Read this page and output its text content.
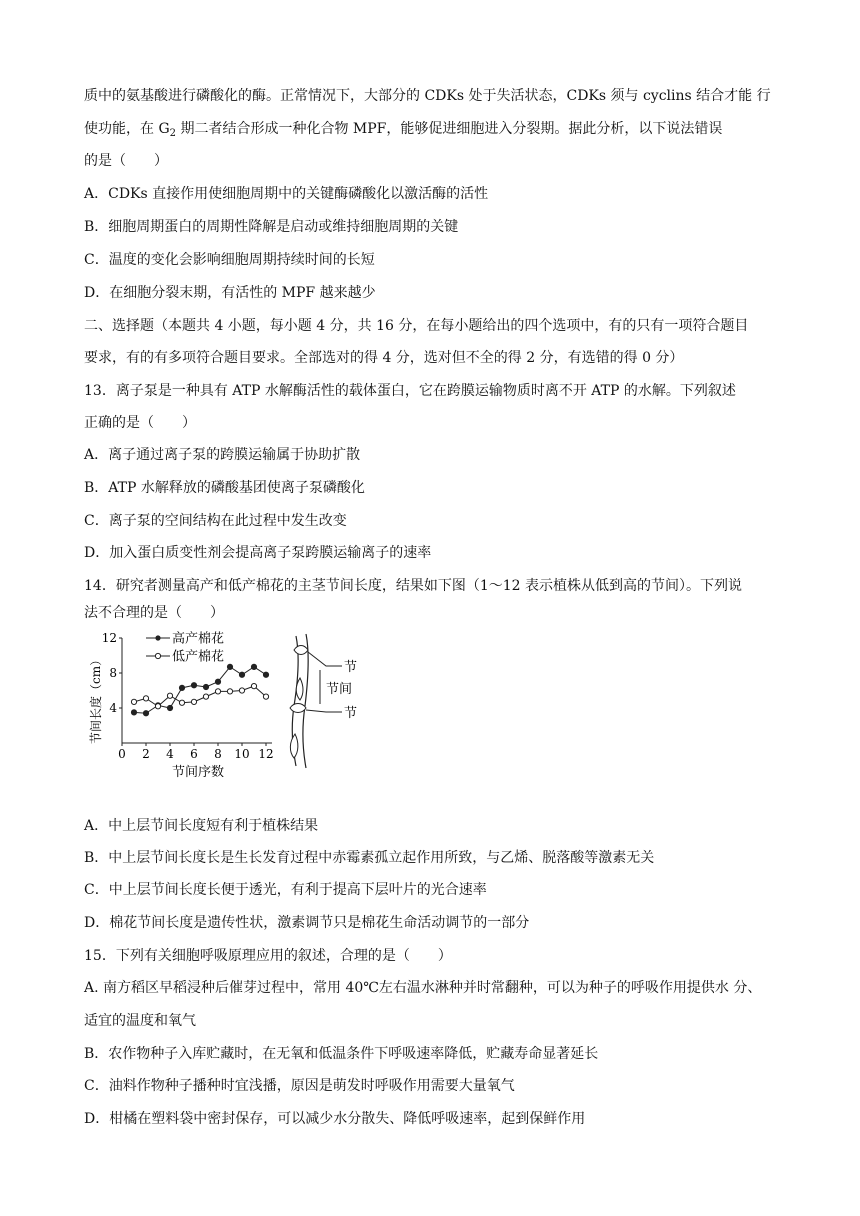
质中的氨基酸进行磷酸化的酶。正常情况下，大部分的 CDKs 处于失活状态，CDKs 须与 cyclins 结合才能 行
使功能，在 $G_2$ 期二者结合形成一种化合物 MPF，能够促进细胞进入分裂期。据此分析，以下说法错误
的是（　　）
A．CDKs 直接作用使细胞周期中的关键酶磷酸化以激活酶的活性
B．细胞周期蛋白的周期性降解是启动或维持细胞周期的关键
C．温度的变化会影响细胞周期持续时间的长短
D．在细胞分裂末期，有活性的 MPF 越来越少
二、选择题（本题共 4 小题，每小题 4 分，共 16 分，在每小题给出的四个选项中，有的只有一项符合题目
要求，有的有多项符合题目要求。全部选对的得 4 分，选对但不全的得 2 分，有选错的得 0 分）
13．离子泵是一种具有 ATP 水解酶活性的载体蛋白，它在跨膜运输物质时离不开 ATP 的水解。下列叙述
正确的是（　　）
A．离子通过离子泵的跨膜运输属于协助扩散
B．ATP 水解释放的磷酸基团使离子泵磷酸化
C．离子泵的空间结构在此过程中发生改变
D．加入蛋白质变性剂会提高离子泵跨膜运输离子的速率
14．研究者测量高产和低产棉花的主茎节间长度，结果如下图（1～12 表示植株从低到高的节间）。下列说
法不合理的是（　　）
0 2 4 6 8 10 12
4
8
12	高产棉花
低产棉花
节间长度（cm）
节间序数
节
节间
节
A．中上层节间长度短有利于植株结果
B．中上层节间长度长是生长发育过程中赤霉素孤立起作用所致，与乙烯、脱落酸等激素无关
C．中上层节间长度长便于透光，有利于提高下层叶片的光合速率
D．棉花节间长度是遗传性状，激素调节只是棉花生命活动调节的一部分
15．下列有关细胞呼吸原理应用的叙述，合理的是（　　）
A. 南方稻区早稻浸种后催芽过程中，常用 40℃左右温水淋种并时常翻种，可以为种子的呼吸作用提供水 分、
适宜的温度和氧气
B．农作物种子入库贮藏时，在无氧和低温条件下呼吸速率降低，贮藏寿命显著延长
C．油料作物种子播种时宜浅播，原因是萌发时呼吸作用需要大量氧气
D．柑橘在塑料袋中密封保存，可以减少水分散失、降低呼吸速率，起到保鲜作用
